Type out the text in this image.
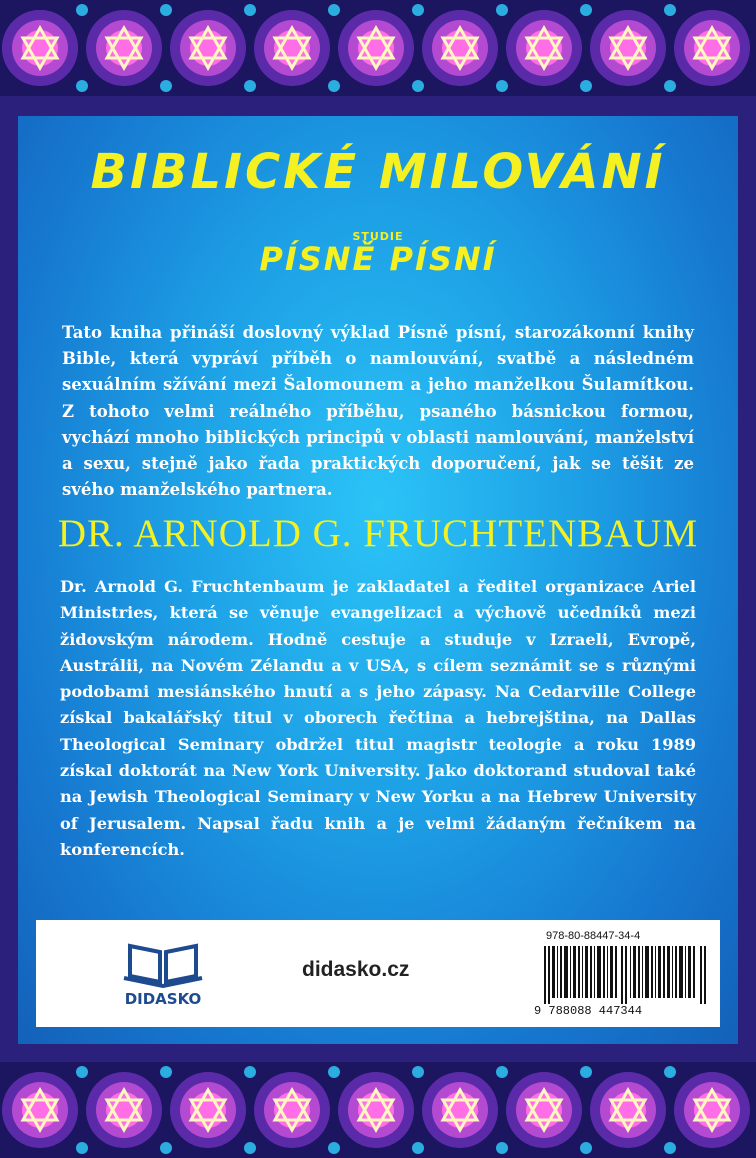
BIBLICKÉ MILOVÁNÍ
STUDIE
PÍSNĚ PÍSNÍ
Tato kniha přináší doslovný výklad Písně písní, starozákonní knihy Bible, která vypráví příběh o namlouvání, svatbě a následném sexuálním sžívání mezi Šalomounem a jeho manželkou Šulamítkou. Z tohoto velmi reálného příběhu, psaného básnickou formou, vychází mnoho biblických principů v oblasti namlouvání, manželství a sexu, stejně jako řada praktických doporučení, jak se těšit ze svého manželského partnera.
DR. ARNOLD G. FRUCHTENBAUM
Dr. Arnold G. Fruchtenbaum je zakladatel a ředitel organizace Ariel Ministries, která se věnuje evangelizaci a výchově učedníků mezi židovským národem. Hodně cestuje a studuje v Izraeli, Evropě, Austrálii, na Novém Zélandu a v USA, s cílem seznámit se s různými podobami mesiánského hnutí a s jeho zápasy. Na Cedarville College získal bakalářský titul v oborech řečtina a hebrejština, na Dallas Theological Seminary obdržel titul magistr teologie a roku 1989 získal doktorát na New York University. Jako doktorand studoval také na Jewish Theological Seminary v New Yorku a na Hebrew University of Jerusalem. Napsal řadu knih a je velmi žádaným řečníkem na konferencích.
DIDASKO
didasko.cz
978-80-88447-34-4
9 788088 447344
